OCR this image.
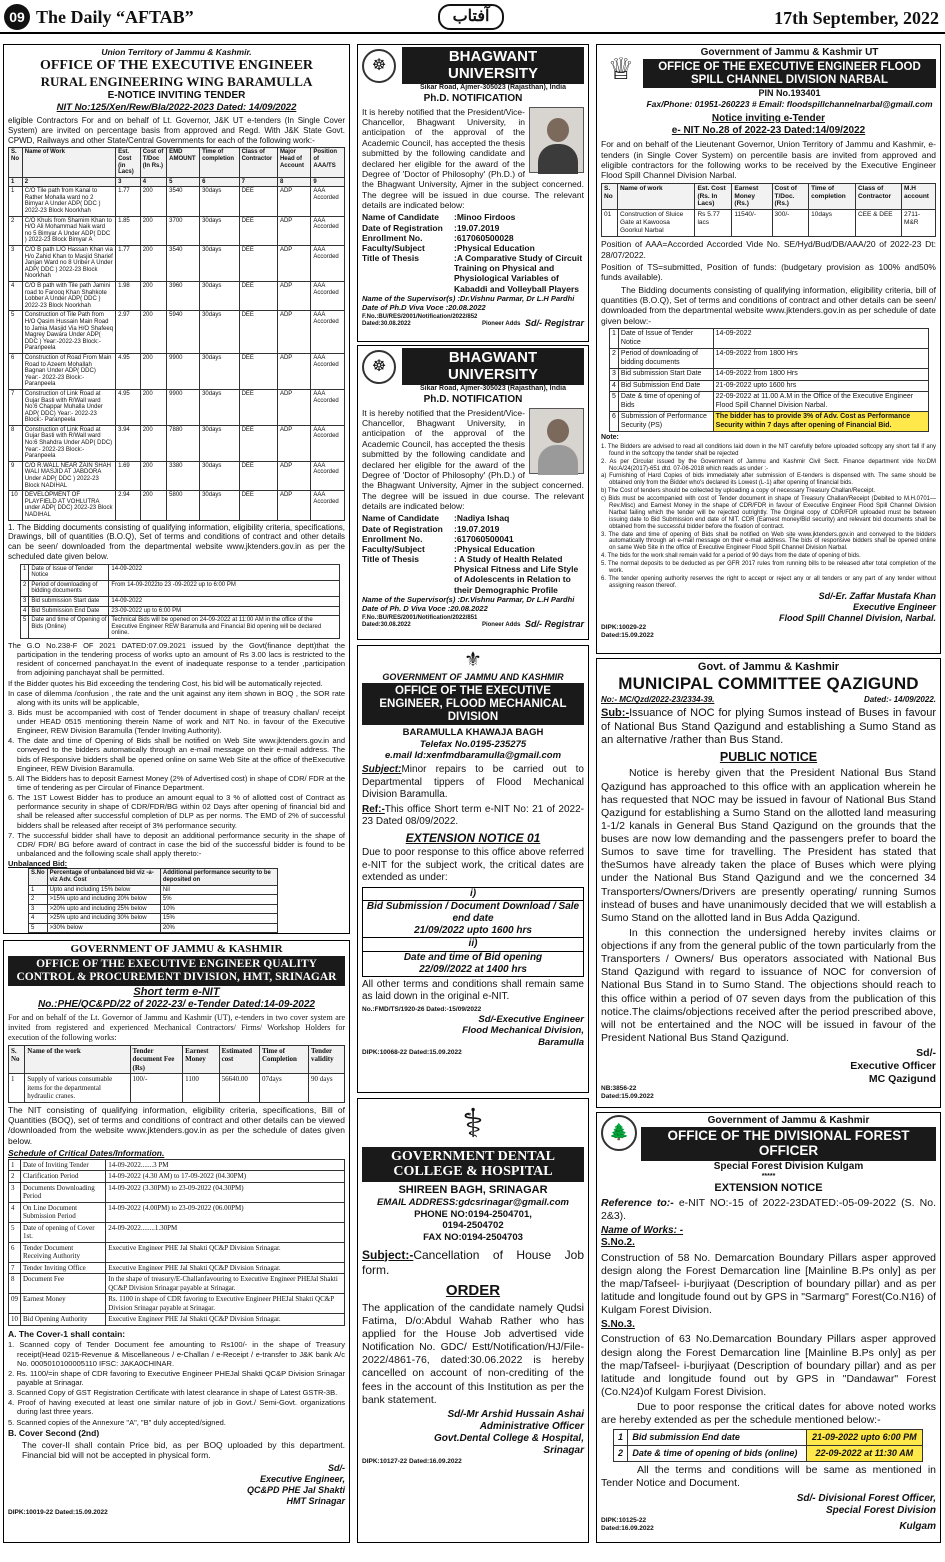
09 The Daily “AFTAB”	آفتاب	17th September, 2022
Union Territory of Jammu & Kashmir.
OFFICE OF THE EXECUTIVE ENGINEER
RURAL ENGINEERING WING BARAMULLA
E-NOTICE INVITING TENDER
NIT No:125/Xen/Rew/Bla/2022-2023 Dated: 14/09/2022
eligible Contractors For and on behalf of Lt. Governor, J&K UT e-tenders (In Single Cover System) are invited on percentage basis from approved and Regd. With J&K State Govt. CPWD, Railways and other State/Central Governments for each of the following work:-
S. No	Name of Work	Est. Cost (in Lacs)	Cost of T/Doc (In Rs.)	EMD AMOUNT	Time of completion	Class of Contractor	Major Head of Account	Position of AAA/TS
1	2	3	4	5	6	7	8	9
1	C/O Tile path from Kanal to Rather Mohalla ward no 2 Bimyar A Under ADP( DDC ) 2022-23 Block Noorkhah	1.77	200	3540	30days	DEE	ADP	AAA Accorded
2	C/O Khuls from Shamim Khan to H/O Ali Mohammad Naik ward no 5 Bimyar A Under ADP( DDC ) 2022-23 Block Bimyar A	1.85	200	3700	30days	DEE	ADP	AAA Accorded
3	C/O B path L/O Hassan Khan via H/o Zahid Khan to Masjid Sharief Janjan Ward no 8 Uriber A Under ADP( DDC ) 2022-23 Block Noorkhah	1.77	200	3540	30days	DEE	ADP	AAA Accorded
4	C/O B path with Tile path Jamini road to Farooq Khan Shahkote Lobber A Under ADP( DDC ) 2022-23 Block Noorkhah	1.98	200	3960	30days	DEE	ADP	AAA Accorded
5	Construction of Tile Path from H/O Qasim Hussain Main Road to Jamia Masjid Via H/O Shafeeq Magrey Dawara Under ADP( DDC ) Year:-2022-23 Block:- Paranpeela	2.97	200	5940	30days	DEE	ADP	AAA Accorded
6	Construction of Road From Main Road to Azeem Mohallah Bagnan Under ADP( DDC) Year:- 2022-23 Block:- Paranpeela	4.95	200	9900	30days	DEE	ADP	AAA Accorded
7	Construction of Link Road at Gujar Basti with R/Wall ward No:6 Chappar Muhalla Under ADP( DDC) Year:- 2022-23 Block:- Paranpeela	4.95	200	9900	30days	DEE	ADP	AAA Accorded
8	Construction of Link Road at Gujar Basti with R/Wall ward No:6 Shahdra Under ADP( DDC) Year:- 2022-23 Block:- Paranpeela	3.94	200	7880	30days	DEE	ADP	AAA Accorded
9	C/O R.WALL NEAR ZAIN SHAH WALI MASJID AT JABDORA Under ADP( DDC ) 2022-23 Block NADIHAL	1.69	200	3380	30days	DEE	ADP	AAA Accorded
10	DEVELOPMENT OF PLAYFIELD AT VOHLUTRA under ADP( DDC) 2022-23 Block NADIHAL	2.94	200	5800	30days	DEE	ADP	AAA Accorded
1. The Bidding documents consisting of qualifying information, eligibility criteria, specifications, Drawings, bill of quantities (B.O.Q), Set of terms and conditions of contract and other details can be seen/ downloaded from the departmental website www.jktenders.gov.in as per the scheduled date given below.
1	Date of Issue of Tender Notice	14-09-2022
2	Period of downloading of bidding documents	From 14-09-2022to 23 -09-2022 up to 6:00 PM
3	Bid submission Start date	14-09-2022
4	Bid Submission End Date	23-09-2022 up to 6:00 PM
5	Date and time of Opening of Bids (Online)	Technical Bids will be opened on 24-09-2022 at 11:00 AM in the office of the Executive Engineer REW Baramulla and Financial Bid opening will be declared online.
The G.O No.238-F OF 2021 DATED:07.09.2021 issued by the Govt(finance deptt)that the participation in the tendering process of works upto an amount of Rs 3.00 lacs is restricted to the resident of concerned panchayat.In the event of inadequate response to a tender ,participation from adjoining panchayat shall be permitted.
If the Bidder quotes his Bid exceeding the tendering Cost, his bid will be automatically rejected.
In case of dilemma /confusion , the rate and the unit against any item shown in BOQ , the SOR rate along with its units will be applicable,
3. Bids must be accompanied with cost of Tender document in shape of treasury challan/ receipt under HEAD 0515 mentioning therein Name of work and NIT No. in favour of the Executive Engineer, REW Division Baramulla (Tender Inviting Authority).
4. The date and time of Opening of Bids shall be notified on Web Site www.jktenders.gov.in and conveyed to the bidders automatically through an e-mail message on their e-mail address. The bids of Responsive bidders shall be opened online on same Web Site at the office of theExecutive Engineer, REW Division Baramulla.
5. All The Bidders has to deposit Earnest Money (2% of Advertised cost) in shape of CDR/ FDR at the time of tendering as per Circular of Finance Department.
6. The 1ST Lowest Bidder has to produce an amount equal to 3 % of allotted cost of Contract as performance security in shape of CDR/FDR/BG within 02 Days after opening of financial bid and shall be released after successful completion of DLP as per norms. The EMD of 2% of successful bidders shall be released after receipt of 3% performance security.
7. The successful bidder shall have to deposit an additional performance security in the shape of CDR/ FDR/ BG before award of contract in case the bid of the successful bidder is found to be unbalanced and the following scale shall apply thereto:-
Unbalanced Bid:
S.No	Percentage of unbalanced bid viz -a- viz Adv. Cost	Additional performance security to be deposited on
1	Upto and including 15% below	Nil
2	>15% upto and including 20% below	5%
3	>20% upto and including 25% below	10%
4	>25% upto and including 30% below	15%
5	>30% below	20%
GOVERNMENT OF JAMMU & KASHMIR
OFFICE OF THE EXECUTIVE ENGINEER QUALITY CONTROL & PROCUREMENT DIVISION, HMT, SRINAGAR
Short term e-NIT
No.:PHE/QC&PD/22 of 2022-23/ e-Tender Dated:14-09-2022
For and on behalf of the Lt. Governor of Jammu and Kashmir (UT), e-tenders in two cover system are invited from registered and experienced Mechanical Contractors/ Firms/ Workshop Holders for execution of the following works:
S. No	Name of the work	Tender document Fee (Rs)	Earnest Money	Estimated cost	Time of Completion	Tender validity
1	Supply of various consumable items for the departmental hydraulic cranes.	100/-	1100	56640.00	07days	90 days
The NIT consisting of qualifying information, eligibility criteria, specifications, Bill of Quantities (BOQ), set of terms and conditions of contract and other details can be viewed /downloaded from the website www.jktenders.gov.in as per the schedule of dates given below.
Schedule of Critical Dates/Information.
1	Date of Inviting Tender	14-09-2022.......3 PM
2	Clarification Period	14-09-2022 (4.30 AM) to 17-09-2022 (04.30PM)
3	Documents Downloading Period	14-09-2022 (3.30PM) to 23-09-2022 (04.30PM)
4	On Line Document Submission Period	14-09-2022 (4.00PM) to 23-09-2022 (06.00PM)
5	Date of opening of Cover 1st.	24-09-2022........1.30PM
6	Tender Document Receiving Authority	Executive Engineer PHE Jal Shakti QC&P Division Srinagar.
7	Tender Inviting Office	Executive Engineer PHE Jal Shakti QC&P Division Srinagar.
8	Document Fee	In the shape of treasury/E-Challanfavouring to Executive Engineer PHEJal Shakti QC&P Division Srinagar payable at Srinagar.
09	Earnest Money	Rs. 1100 in shape of CDR favoring to Executive Engineer PHEJal Shakti QC&P Division Srinagar payable at Srinagar.
10	Bid Opening Authority	Executive Engineer PHE Jal Shakti QC&P Division Srinagar.
A. The Cover-1 shall contain:
1. Scanned copy of Tender Document fee amounting to Rs100/- in the shape of Treasury receipt(Head 0215-Revenue & Miscellaneous / e-Challan / e-Receipt / e-transfer to J&K bank A/c No. 0005010100005110 IFSC: JAKA0CHINAR.
2. Rs. 1100/=in shape of CDR favoring to Executive Engineer PHEJal Shakti QC&P Division Srinagar payable at Srinagar.
3. Scanned Copy of GST Registration Certificate with latest clearance in shape of Latest GSTR-3B.
4. Proof of having executed at least one similar nature of job in Govt./ Semi-Govt. organizations during last three years.
5. Scanned copies of the Annexure "A", "B" duly accepted/signed.
B. Cover Second (2nd)
The cover-II shall contain Price bid, as per BOQ uploaded by this department. Financial bid will not be accepted in physical form.
Sd/-
Executive Engineer,
QC&PD PHE Jal Shakti
HMT Srinagar
DIPK:10019-22 Dated:15.09.2022
☸
BHAGWANT UNIVERSITY
Sikar Road, Ajmer-305023 (Rajasthan), India
Ph.D. NOTIFICATION
It is hereby notified that the President/Vice-Chancellor, Bhagwant University, in anticipation of the approval of the Academic Council, has accepted the thesis submitted by the following candidate and declared her eligible for the award of the Degree of 'Doctor of Philosophy' (Ph.D.) of the Bhagwant University, Ajmer in the subject concerned. The degree will be issued in due course. The relevant details are indicated below:
Name of Candidate	:Minoo Firdoos
Date of Registration	:19.07.2019
Enrollment No.	:617060500028
Faculty/Subject	:Physical Education
Title of Thesis	:A Comparative Study of Circuit Training on Physical and Physiological Variables of Kabaddi and Volleyball Players
Name of the Supervisor(s) :Dr.Vishnu Parmar, Dr L.H Pardhi
Date of Ph.D Viva Voce :20.08.2022
F.No.:BU/RES/2001/Notification/2022/852
Dated:30.08.2022	Pioneer Adds Sd/- Registrar
☸
BHAGWANT UNIVERSITY
Sikar Road, Ajmer-305023 (Rajasthan), India
Ph.D. NOTIFICATION
It is hereby notified that the President/Vice-Chancellor, Bhagwant University, in anticipation of the approval of the Academic Council, has accepted the thesis submitted by the following candidate and declared her eligible for the award of the Degree of 'Doctor of Philosophy' (Ph.D.) of the Bhagwant University, Ajmer in the subject concerned. The degree will be issued in due course. The relevant details are indicated below:
Name of Candidate	:Nadiya Ishaq
Date of Registration	:19.07.2019
Enrollment No.	:617060500041
Faculty/Subject	:Physical Education
Title of Thesis	: A Study of Health Related Physical Fitness and Life Style of Adolescents in Relation to their Demographic Profile
Name of the Supervisor(s) :Dr.Vishnu Parmar, Dr L.H Pardhi
Date of Ph. D Viva Voce :20.08.2022
F.No.:BU/RES/2001/Notification/2022/851
Dated:30.08.2022	Pioneer Adds Sd/- Registrar
⚜
GOVERNMENT OF JAMMU AND KASHMIR
OFFICE OF THE EXECUTIVE ENGINEER, FLOOD MECHANICAL DIVISION
BARAMULLA KHAWAJA BAGH
Telefax No.0195-235275
e.mail Id:xenfmdbaramulla@gmail.com
Subject:Minor repairs to be carried out to Departmental tippers of Flood Mechanical Division Baramulla.
Ref:-This office Short term e-NIT No: 21 of 2022-23 Dated 08/09/2022.
EXTENSION NOTICE 01
Due to poor response to this office above referred e-NIT for the subject work, the critical dates are extended as under:
i)
Bid Submission / Document Download / Sale end date
21/09/2022 upto 1600 hrs
ii)
Date and time of Bid opening
22/09//2022 at 1400 hrs
All other terms and conditions shall remain same as laid down in the original e-NIT.
No.:FMD/TS/1920-26 Dated:-15/09/2022
Sd/-Executive Engineer
Flood Mechanical Division,
Baramulla
DIPK:10068-22 Dated:15.09.2022
⚕
GOVERNMENT DENTAL COLLEGE & HOSPITAL
SHIREEN BAGH, SRINAGAR
EMAIL ADDRESS:gdcsrinagar@gmail.com
PHONE NO:0194-2504701,
0194-2504702
FAX NO:0194-2504703
Subject:-Cancellation of House Job form.
ORDER
The application of the candidate namely Qudsi Fatima, D/o:Abdul Wahab Rather who has applied for the House Job advertised vide Notification No. GDC/ Estt/Notification/HJ/File-2022/4861-76, dated:30.06.2022 is hereby cancelled on account of non-crediting of the fees in the account of this Institution as per the bank statement.
Sd/-Mr Arshid Hussain Ashai
Administrative Officer
Govt.Dental College & Hospital,
Srinagar
DIPK:10127-22 Dated:16.09.2022
♕
Government of Jammu & Kashmir UT
OFFICE OF THE EXECUTIVE ENGINEER FLOOD SPILL CHANNEL DIVISION NARBAL
PIN No.193401
Fax/Phone: 01951-260223 # Email: floodspillchannelnarbal@gmail.com
Notice inviting e-Tender
e- NIT No.28 of 2022-23 Dated:14/09/2022
For and on behalf of the Lieutenant Governor, Union Territory of Jammu and Kashmir, e-tenders (in Single Cover System) on percentile basis are invited from approved and eligible contractors for the following works to be received by the Executive Engineer Flood Spill Channel Division Narbal.
S. No	Name of work	Est. Cost (Rs. In Lacs)	Earnest Money (Rs.)	Cost of T/Doc. (Rs.)	Time of completion	Class of Contractor	M.H account
01	Construction of Sluice Gate at Kawoosa Goorkul Narbal	Rs 5.77 lacs	11540/-	300/-	10days	CEE & DEE	2711-M&R
Position of AAA=Accorded Accorded Vide No. SE/Hyd/Bud/DB/AAA/20 of 2022-23 Dt: 28/07/2022.
Position of TS=submitted, Position of funds: (budgetary provision as 100% and50% funds available).
The Bidding documents consisting of qualifying information, eligibility criteria, bill of quantities (B.O.Q), Set of terms and conditions of contract and other details can be seen/ downloaded from the departmental website www.jktenders.gov.in as per schedule of date given below:-
1	Date of Issue of Tender Notice	14-09-2022
2	Period of downloading of bidding documents	14-09-2022 from 1800 Hrs
3	Bid submission Start Date	14-09-2022 from 1800 Hrs
4	Bid Submission End Date	21-09-2022 upto 1600 hrs
5	Date & time of opening of Bids	22-09-2022 at 11.00 A.M in the Office of the Executive Engineer Flood Spill Channel Division Narbal.
6	Submission of Performance Security (PS)	The bidder has to provide 3% of Adv. Cost as Performance Security within 7 days after opening of Financial Bid.
Note:
1. The Bidders are advised to read all conditions laid down in the NIT carefully before uploaded softcopy any short fall if any found in the softcopy the tender shall be rejected
2. As per Circular issued by the Government of Jammu and Kashmir Civil Sectt. Finance department vide No:DM No:A/24(2017)-651 dtd. 07-06-2018 which reads as under :-
a) Furnishing of Hard Copies of bids immediately after submission of E-tenders is dispensed with. The same should be obtained only from the Bidder who's declared its Lowest (L-1) after opening of financial bids.
b) The Cost of tenders should be collected by uploading a copy of necessary Treasury Challan/Receipt.
c) Bids must be accompanied with cost of Tender document in shape of Treasury Challan/Receipt (Debited to M.H.0701—Rev.Misc) and Earnest Money in the shape of CDR/FDR in favour of Executive Engineer Flood Spill Channel Division Narbal failing which the tender will be rejected outrightly. The Original copy of CDR/FDR uploaded must be between issuing date to Bid Submission end date of NIT. CDR (Earnest money/Bid security) and relevant bid documents shall be obtained from the successful bidder before the fixation of contract.
3. The date and time of opening of Bids shall be notified on Web site www.jktenders.gov.in and conveyed to the bidders automatically through an e-mail message on their e-mail address. The bids of responsive bidders shall be opened online on same Web Site in the office of Executive Engineer Flood Spill Channel Division Narbal.
4. The bids for the work shall remain valid for a period of 90 days from the date of opening of bids.
5. The normal deposits to be deducted as per GFR 2017 rules from running bills to be released after total completion of the work.
6. The tender opening authority reserves the right to accept or reject any or all tenders or any part of any tender without assigning reason thereof.
Sd/-Er. Zaffar Mustafa Khan
Executive Engineer
Flood Spill Channel Division, Narbal.
DIPK:10029-22
Dated:15.09.2022
Govt. of Jammu & Kashmir
MUNICIPAL COMMITTEE QAZIGUND
No:- MC/Qzd/2022-23/2334-39.	Dated:- 14/09/2022.
Sub:-Issuance of NOC for plying Sumos instead of Buses in favour of National Bus Stand Qazigund and establishing a Sumo Stand as an alternative /rather than Bus Stand.
PUBLIC NOTICE
Notice is hereby given that the President National Bus Stand Qazigund has approached to this office with an application wherein he has requested that NOC may be issued in favour of National Bus Stand Qazigund for establishing a Sumo Stand on the allotted land measuring 1-1/2 kanals in General Bus Stand Qazigund on the grounds that the buses are now low demanding and the passengers prefer to board the Sumos to save time for travelling. The President has stated that theSumos have already taken the place of Buses which were plying under the National Bus Stand Qazigund and we the concerned 34 Transporters/Owners/Drivers are presently operating/ running Sumos instead of buses and have unanimously decided that we will establish a Sumo Stand on the allotted land in Bus Adda Qazigund.
In this connection the undersigned hereby invites claims or objections if any from the general public of the town particularly from the Transporters / Owners/ Bus operators associated with National Bus Stand Qazigund with regard to issuance of NOC for conversion of National Bus Stand in to Sumo Stand. The objections should reach to this office within a period of 07 seven days from the publication of this notice.The claims/objections received after the period prescribed above, will not be entertained and the NOC will be issued in favour of the President National Bus Stand Qazigund.
Sd/-
Executive Officer
MC Qazigund
NB:3856-22
Dated:15.09.2022
🌲
Government of Jammu & Kashmir
OFFICE OF THE DIVISIONAL FOREST OFFICER
Special Forest Division Kulgam
*****
EXTENSION NOTICE
Reference to:- e-NIT NO:-15 of 2022-23DATED:-05-09-2022 (S. No. 2&3).
Name of Works: -
S.No.2.
Construction of 58 No. Demarcation Boundary Pillars asper approved design along the Forest Demarcation line [Mainline B.Ps only] as per the map/Tafseel- i-burjiyaat (Description of boundary pillar) and as per latitude and longitude found out by GPS in "Sarmarg" Forest(Co.N16) of Kulgam Forest Division.
S.No.3.
Construction of 63 No.Demarcation Boundary Pillars asper approved design along the Forest Demarcation line [Mainline B.Ps only] as per the map/Tafseel- i-burjiyaat (Description of boundary pillar) and as per latitude and longitude found out by GPS in "Dandawar" Forest (Co.N24)of Kulgam Forest Division.
Due to poor response the critical dates for above noted works are hereby extended as per the schedule mentioned below:-
1	Bid submission End date	21-09-2022 upto 6:00 PM
2	Date & time of opening of bids (online)	22-09-2022 at 11:30 AM
All the terms and conditions will be same as mentioned in Tender Notice and Document.
Sd/- Divisional Forest Officer,
Special Forest Division
DIPK:10125-22
Dated:16.09.2022	Kulgam
